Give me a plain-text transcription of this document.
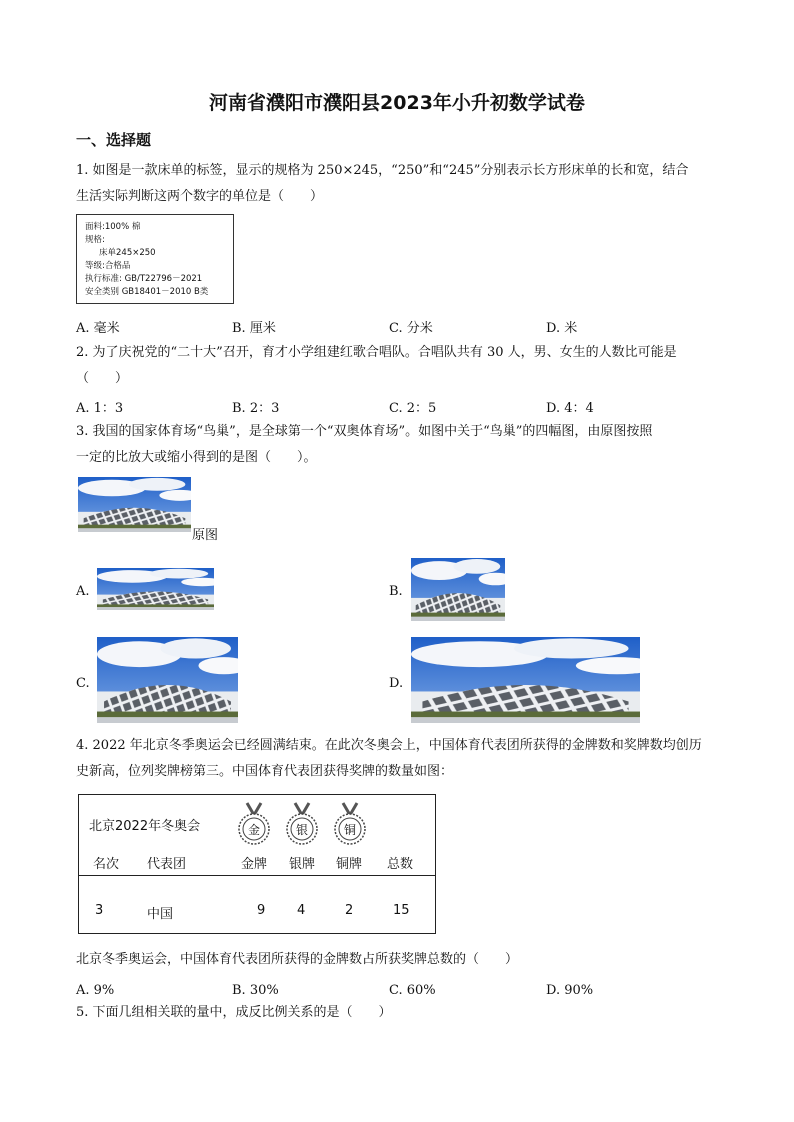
河南省濮阳市濮阳县2023年小升初数学试卷
一、选择题
1. 如图是一款床单的标签，显示的规格为 250×245，“250”和“245”分别表示长方形床单的长和宽，结合
生活实际判断这两个数字的单位是（　　）
面料:100% 棉
规格:
床单245×250
等级:合格品
执行标准: GB/T22796－2021
安全类别 GB18401－2010 B类
A. 毫米	B. 厘米	C. 分米	D. 米
2. 为了庆祝党的“二十大”召开，育才小学组建红歌合唱队。合唱队共有 30 人，男、女生的人数比可能是
（　　）
A. 1：3	B. 2：3	C. 2：5	D. 4：4
3. 我国的国家体育场“鸟巢”，是全球第一个“双奥体育场”。如图中关于“鸟巢”的四幅图，由原图按照
一定的比放大或缩小得到的是图（　　）。
原图
A.	B.
C.	D.
4. 2022 年北京冬季奥运会已经圆满结束。在此次冬奥会上，中国体育代表团所获得的金牌数和奖牌数均创历
史新高，位列奖牌榜第三。中国体育代表团获得奖牌的数量如图：
北京2022年冬奥会	金	银	铜
名次 代表团	金牌 银牌 铜牌 总数
3	中国	9 4	2	15
北京冬季奥运会，中国体育代表团所获得的金牌数占所获奖牌总数的（　　）
A. 9%	B. 30%	C. 60%	D. 90%
5. 下面几组相关联的量中，成反比例关系的是（　　）
